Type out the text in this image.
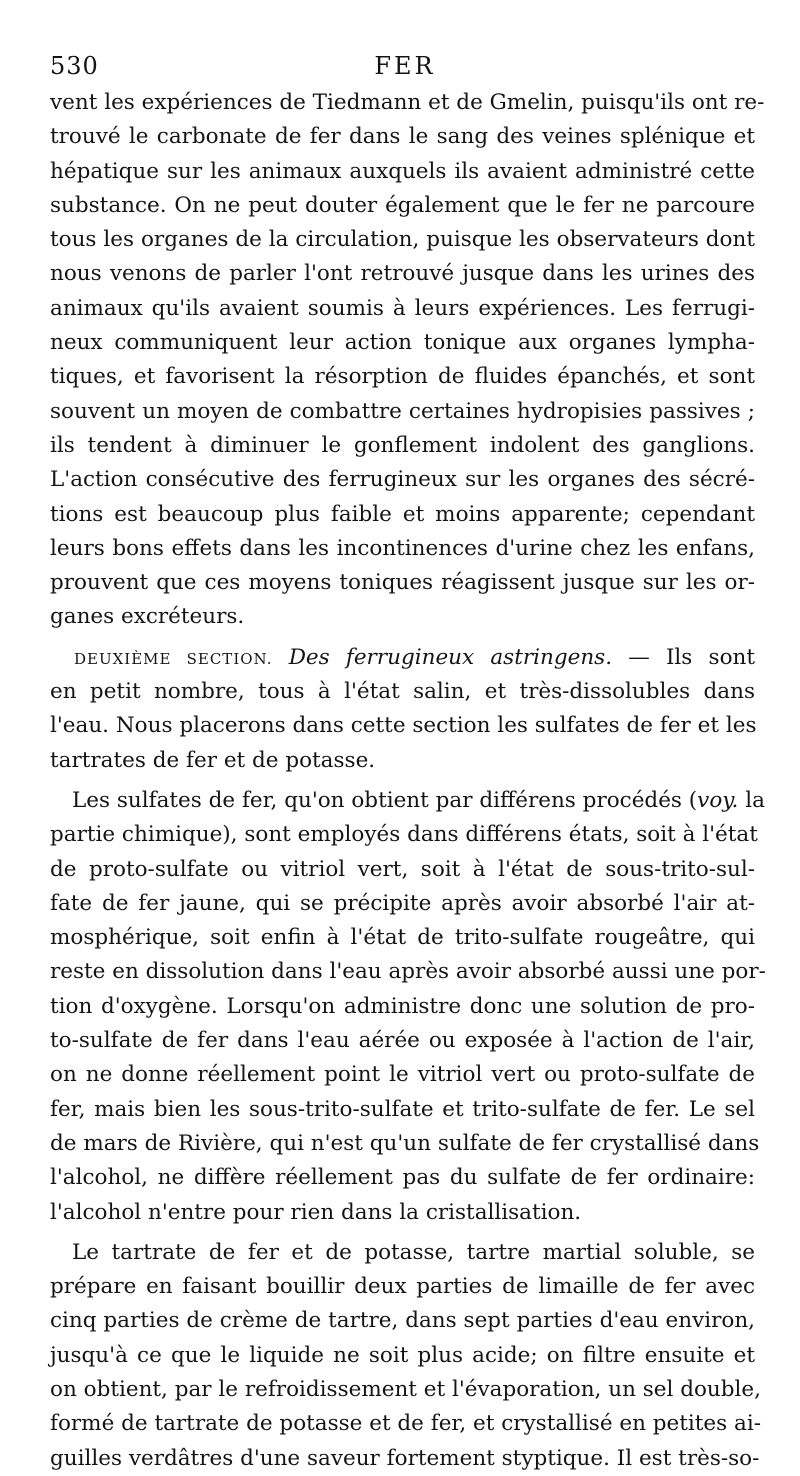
530	FER
vent les expériences de Tiedmann et de Gmelin, puisqu'ils ont re-
trouvé le carbonate de fer dans le sang des veines splénique et
hépatique sur les animaux auxquels ils avaient administré cette
substance. On ne peut douter également que le fer ne parcoure
tous les organes de la circulation, puisque les observateurs dont
nous venons de parler l'ont retrouvé jusque dans les urines des
animaux qu'ils avaient soumis à leurs expériences. Les ferrugi-
neux communiquent leur action tonique aux organes lympha-
tiques, et favorisent la résorption de fluides épanchés, et sont
souvent un moyen de combattre certaines hydropisies passives ;
ils tendent à diminuer le gonflement indolent des ganglions.
L'action consécutive des ferrugineux sur les organes des sécré-
tions est beaucoup plus faible et moins apparente; cependant
leurs bons effets dans les incontinences d'urine chez les enfans,
prouvent que ces moyens toniques réagissent jusque sur les or-
ganes excréteurs.
DEUXIÈME SECTION. Des ferrugineux astringens. — Ils sont
en petit nombre, tous à l'état salin, et très-dissolubles dans
l'eau. Nous placerons dans cette section les sulfates de fer et les
tartrates de fer et de potasse.
Les sulfates de fer, qu'on obtient par différens procédés (voy. la
partie chimique), sont employés dans différens états, soit à l'état
de proto-sulfate ou vitriol vert, soit à l'état de sous-trito-sul-
fate de fer jaune, qui se précipite après avoir absorbé l'air at-
mosphérique, soit enfin à l'état de trito-sulfate rougeâtre, qui
reste en dissolution dans l'eau après avoir absorbé aussi une por-
tion d'oxygène. Lorsqu'on administre donc une solution de pro-
to-sulfate de fer dans l'eau aérée ou exposée à l'action de l'air,
on ne donne réellement point le vitriol vert ou proto-sulfate de
fer, mais bien les sous-trito-sulfate et trito-sulfate de fer. Le sel
de mars de Rivière, qui n'est qu'un sulfate de fer crystallisé dans
l'alcohol, ne diffère réellement pas du sulfate de fer ordinaire:
l'alcohol n'entre pour rien dans la cristallisation.
Le tartrate de fer et de potasse, tartre martial soluble, se
prépare en faisant bouillir deux parties de limaille de fer avec
cinq parties de crème de tartre, dans sept parties d'eau environ,
jusqu'à ce que le liquide ne soit plus acide; on filtre ensuite et
on obtient, par le refroidissement et l'évaporation, un sel double,
formé de tartrate de potasse et de fer, et crystallisé en petites ai-
guilles verdâtres d'une saveur fortement styptique. Il est très-so-
